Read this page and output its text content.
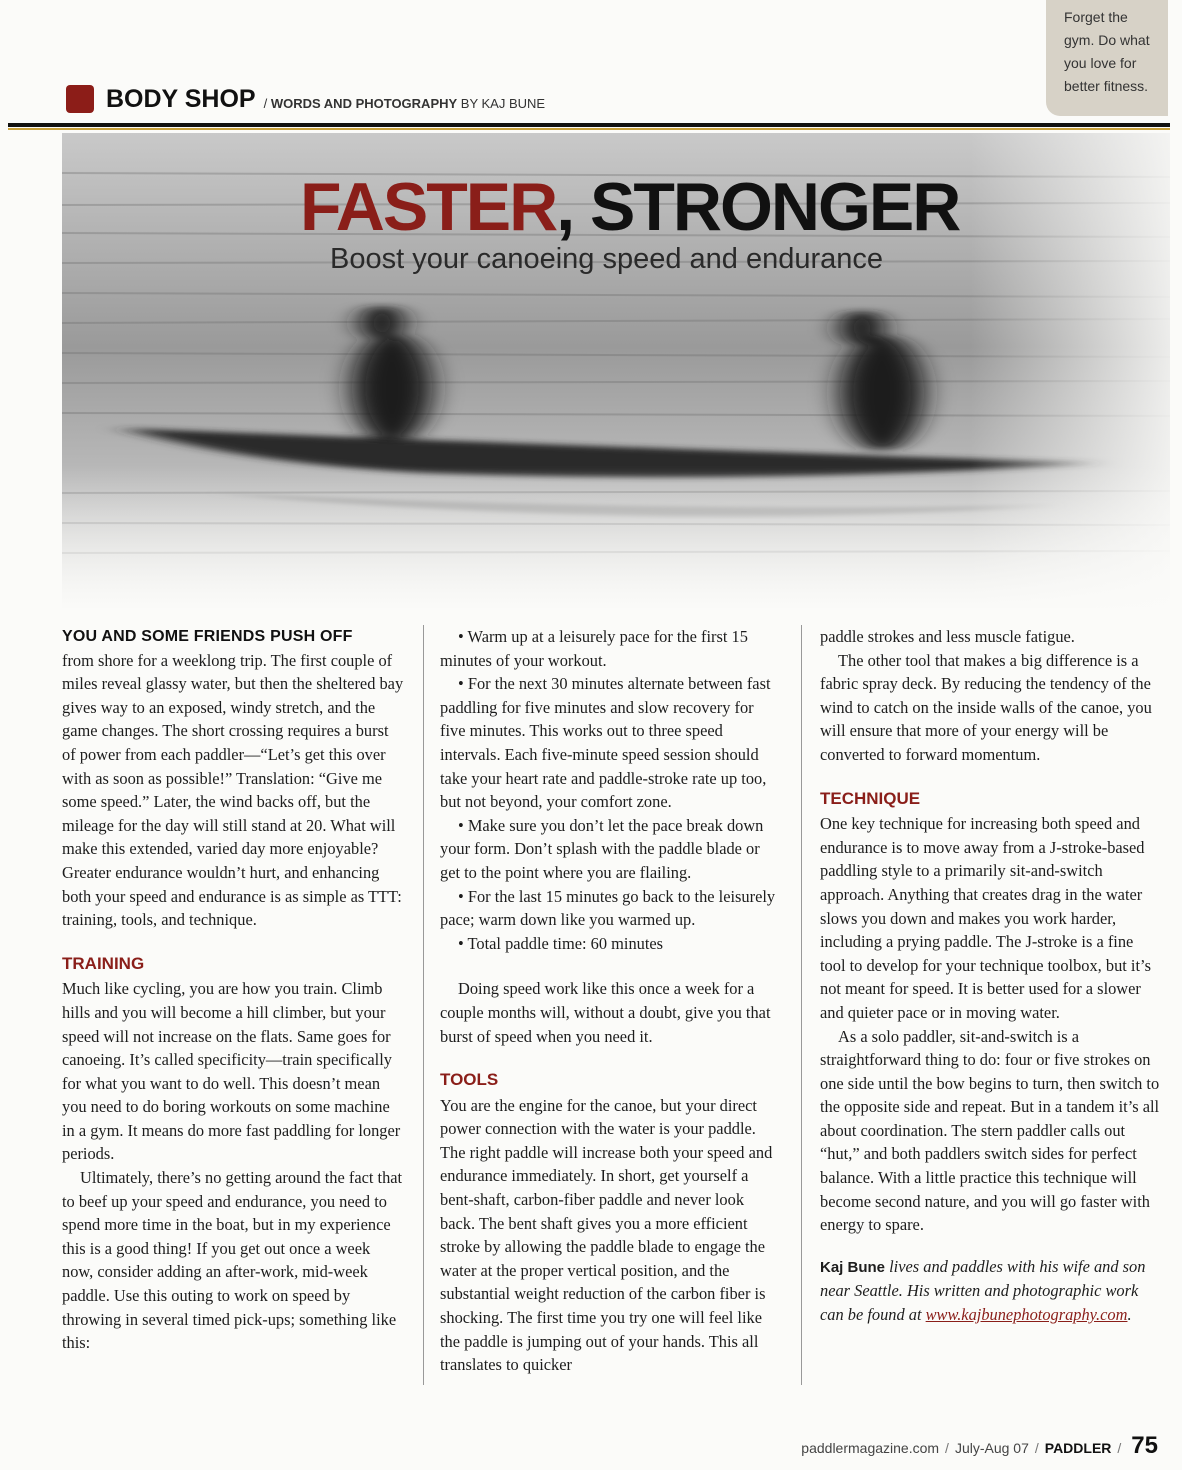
Forget the gym. Do what you love for better fitness.
BODY SHOP / WORDS AND PHOTOGRAPHY BY KAJ BUNE
FASTER, STRONGER
Boost your canoeing speed and endurance
YOU AND SOME FRIENDS PUSH OFF

from shore for a weeklong trip. The first couple of miles reveal glassy water, but then the sheltered bay gives way to an exposed, windy stretch, and the game changes. The short crossing requires a burst of power from each paddler—“Let’s get this over with as soon as possible!” Translation: “Give me some speed.” Later, the wind backs off, but the mileage for the day will still stand at 20. What will make this extended, varied day more enjoyable? Greater endurance wouldn’t hurt, and enhancing both your speed and endurance is as simple as TTT: training, tools, and technique.

TRAINING

Much like cycling, you are how you train. Climb hills and you will become a hill climber, but your speed will not increase on the flats. Same goes for canoeing. It’s called specificity—train specifically for what you want to do well. This doesn’t mean you need to do boring workouts on some machine in a gym. It means do more fast paddling for longer periods.

Ultimately, there’s no getting around the fact that to beef up your speed and endurance, you need to spend more time in the boat, but in my experience this is a good thing! If you get out once a week now, consider adding an after-work, mid-week paddle. Use this outing to work on speed by throwing in several timed pick-ups; something like this:

• Warm up at a leisurely pace for the first 15 minutes of your workout.

• For the next 30 minutes alternate between fast paddling for five minutes and slow recovery for five minutes. This works out to three speed intervals. Each five-minute speed session should take your heart rate and paddle-stroke rate up too, but not beyond, your comfort zone.

• Make sure you don’t let the pace break down your form. Don’t splash with the paddle blade or get to the point where you are flailing.

• For the last 15 minutes go back to the leisurely pace; warm down like you warmed up.

• Total paddle time: 60 minutes

Doing speed work like this once a week for a couple months will, without a doubt, give you that burst of speed when you need it.

TOOLS

You are the engine for the canoe, but your direct power connection with the water is your paddle. The right paddle will increase both your speed and endurance immediately. In short, get yourself a bent-shaft, carbon-fiber paddle and never look back. The bent shaft gives you a more efficient stroke by allowing the paddle blade to engage the water at the proper vertical position, and the substantial weight reduction of the carbon fiber is shocking. The first time you try one will feel like the paddle is jumping out of your hands. This all translates to quicker

paddle strokes and less muscle fatigue.

The other tool that makes a big difference is a fabric spray deck. By reducing the tendency of the wind to catch on the inside walls of the canoe, you will ensure that more of your energy will be converted to forward momentum.

TECHNIQUE

One key technique for increasing both speed and endurance is to move away from a J-stroke-based paddling style to a primarily sit-and-switch approach. Anything that creates drag in the water slows you down and makes you work harder, including a prying paddle. The J-stroke is a fine tool to develop for your technique toolbox, but it’s not meant for speed. It is better used for a slower and quieter pace or in moving water.

As a solo paddler, sit-and-switch is a straightforward thing to do: four or five strokes on one side until the bow begins to turn, then switch to the opposite side and repeat. But in a tandem it’s all about coordination. The stern paddler calls out “hut,” and both paddlers switch sides for perfect balance. With a little practice this technique will become second nature, and you will go faster with energy to spare.

Kaj Bune lives and paddles with his wife and son near Seattle. His written and photographic work can be found at www.kajbunephotography.com.

paddlermagazine.com / July-Aug 07 / PADDLER / 75
